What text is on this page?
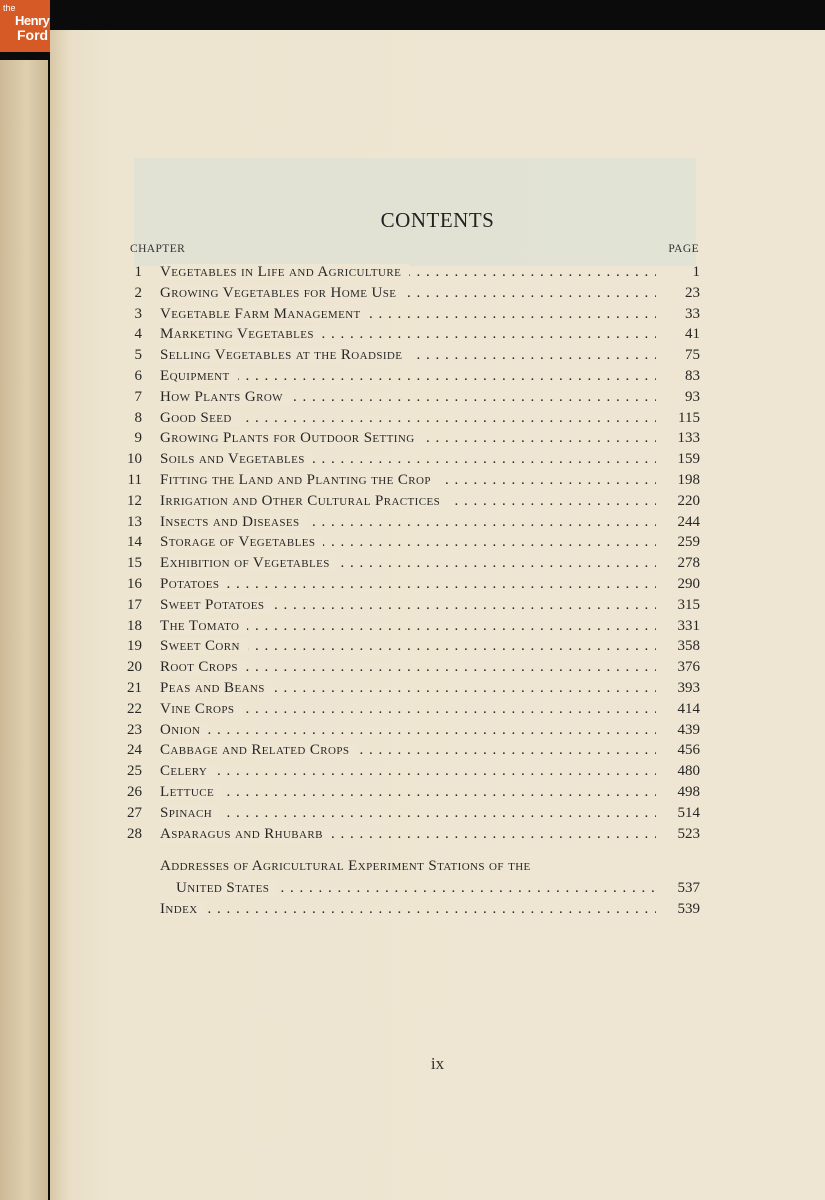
CONTENTS
CHAPTER	PAGE
1 Vegetables in Life and Agriculture . . .	1
2 Growing Vegetables for Home Use . . .	23
3 Vegetable Farm Management . . .	33
4 Marketing Vegetables . . .	41
5 Selling Vegetables at the Roadside . . .	75
6 Equipment . . .	83
7 How Plants Grow . . .	93
8 Good Seed . . .	115
9 Growing Plants for Outdoor Setting . . .	133
10 Soils and Vegetables . . .	159
11 Fitting the Land and Planting the Crop . . .	198
12 Irrigation and Other Cultural Practices . . .	220
13 Insects and Diseases . . .	244
14 Storage of Vegetables . . .	259
15 Exhibition of Vegetables . . .	278
16 Potatoes . . .	290
17 Sweet Potatoes . . .	315
18 The Tomato . . .	331
19 Sweet Corn . . .	358
20 Root Crops . . .	376
21 Peas and Beans . . .	393
22 Vine Crops . . .	414
23 Onion . . .	439
24 Cabbage and Related Crops . . .	456
25 Celery . . .	480
26 Lettuce . . .	498
27 Spinach . . .	514
28 Asparagus and Rhubarb . . .	523
Addresses of Agricultural Experiment Stations of the
United States . . .	537
Index . . .	539
ix
the
Henry
Ford
